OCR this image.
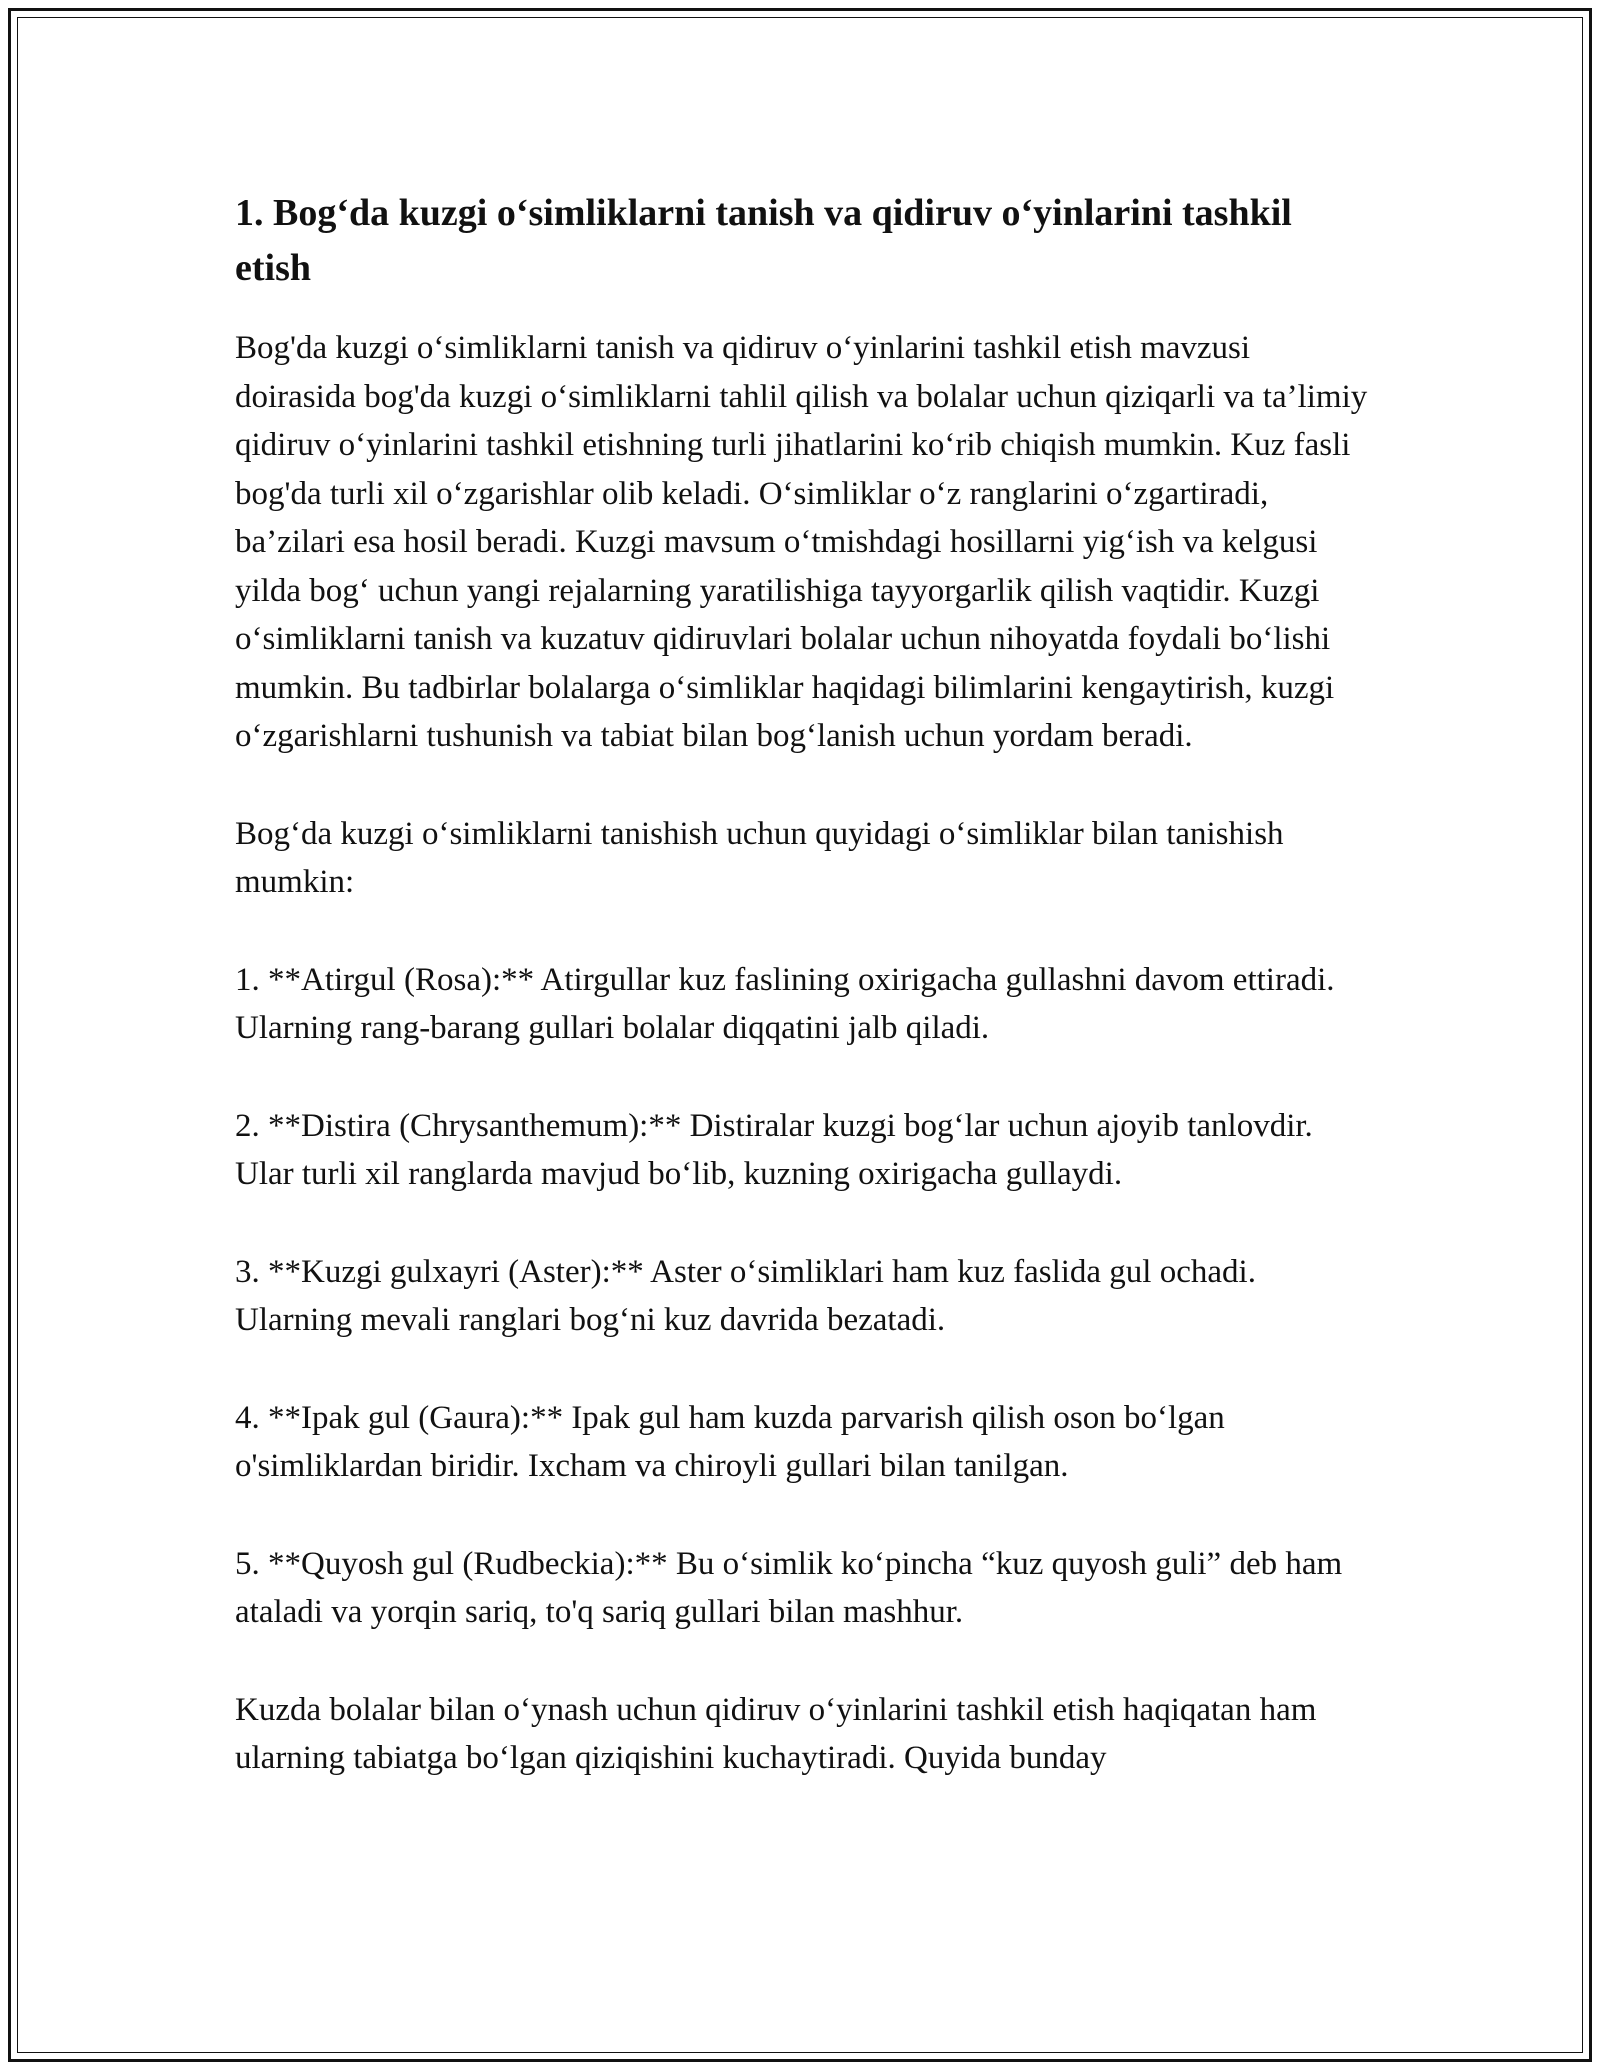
1. Bog‘da kuzgi o‘simliklarni tanish va qidiruv o‘yinlarini tashkil etish

Bog'da kuzgi o‘simliklarni tanish va qidiruv o‘yinlarini tashkil etish mavzusi doirasida bog'da kuzgi o‘simliklarni tahlil qilish va bolalar uchun qiziqarli va ta’limiy qidiruv o‘yinlarini tashkil etishning turli jihatlarini ko‘rib chiqish mumkin. Kuz fasli bog'da turli xil o‘zgarishlar olib keladi. O‘simliklar o‘z ranglarini o‘zgartiradi, ba’zilari esa hosil beradi. Kuzgi mavsum o‘tmishdagi hosillarni yig‘ish va kelgusi yilda bog‘ uchun yangi rejalarning yaratilishiga tayyorgarlik qilish vaqtidir. Kuzgi o‘simliklarni tanish va kuzatuv qidiruvlari bolalar uchun nihoyatda foydali bo‘lishi mumkin. Bu tadbirlar bolalarga o‘simliklar haqidagi bilimlarini kengaytirish, kuzgi o‘zgarishlarni tushunish va tabiat bilan bog‘lanish uchun yordam beradi.

Bog‘da kuzgi o‘simliklarni tanishish uchun quyidagi o‘simliklar bilan tanishish mumkin:

1. **Atirgul (Rosa):** Atirgullar kuz faslining oxirigacha gullashni davom ettiradi. Ularning rang-barang gullari bolalar diqqatini jalb qiladi.

2. **Distira (Chrysanthemum):** Distiralar kuzgi bog‘lar uchun ajoyib tanlovdir. Ular turli xil ranglarda mavjud bo‘lib, kuzning oxirigacha gullaydi.

3. **Kuzgi gulxayri (Aster):** Aster o‘simliklari ham kuz faslida gul ochadi. Ularning mevali ranglari bog‘ni kuz davrida bezatadi.

4. **Ipak gul (Gaura):** Ipak gul ham kuzda parvarish qilish oson bo‘lgan o'simliklardan biridir. Ixcham va chiroyli gullari bilan tanilgan.

5. **Quyosh gul (Rudbeckia):** Bu o‘simlik ko‘pincha “kuz quyosh guli” deb ham ataladi va yorqin sariq, to'q sariq gullari bilan mashhur.

Kuzda bolalar bilan o‘ynash uchun qidiruv o‘yinlarini tashkil etish haqiqatan ham ularning tabiatga bo‘lgan qiziqishini kuchaytiradi. Quyida bunday
